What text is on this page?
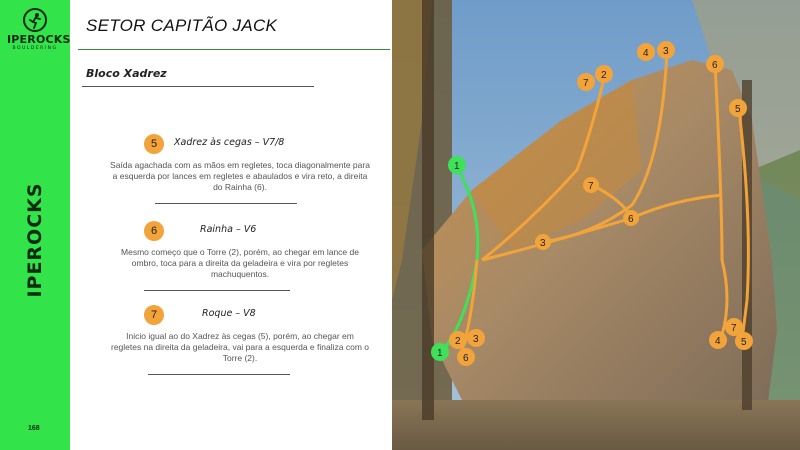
IPEROCKS
BOULDERING
IPEROCKS
168
SETOR CAPITÃO JACK
Bloco Xadrez
5	Xadrez às cegas – V7/8
Saída agachada com as mãos em regletes, toca diagonalmente para a esquerda por lances em regletes e abaulados e vira reto, a direita do Rainha (6).
6	Rainha – V6
Mesmo começo que o Torre (2), porém, ao chegar em lance de ombro, toca para a direita da geladeira e vira por regletes machuquentos.
7	Roque – V8
Inicio igual ao do Xadrez às cegas (5), porém, ao chegar em regletes na direita da geladeira, vai para a esquerda e finaliza com o Torre (2).
1
1
7
2
4 3
6
5
7
6
3
2 3
6
7
4 5
